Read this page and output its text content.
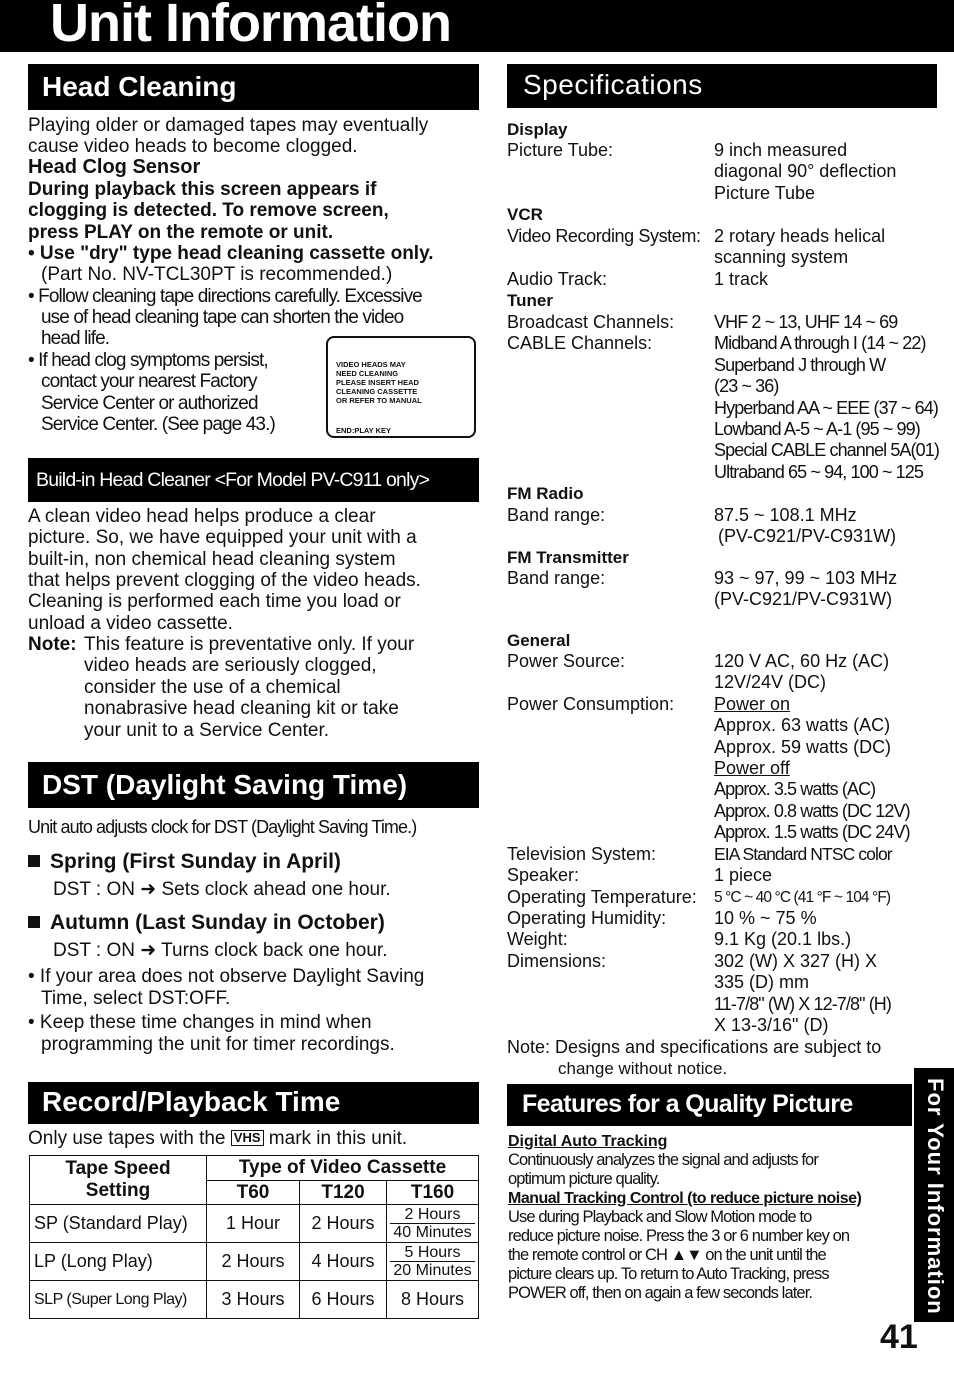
Unit Information
Head Cleaning
Playing older or damaged tapes may eventually
cause video heads to become clogged.
Head Clog Sensor
During playback this screen appears if
clogging is detected. To remove screen,
press PLAY on the remote or unit.
• Use "dry" type head cleaning cassette only.
(Part No. NV-TCL30PT is recommended.)
• Follow cleaning tape directions carefully. Excessive
use of head cleaning tape can shorten the video
head life.
• If head clog symptoms persist,
contact your nearest Factory
Service Center or authorized
Service Center. (See page 43.)
VIDEO HEADS MAY
NEED CLEANING
PLEASE INSERT HEAD
CLEANING CASSETTE
OR REFER TO MANUAL
END:PLAY KEY
Build-in Head Cleaner <For Model PV-C911 only>
A clean video head helps produce a clear
picture. So, we have equipped your unit with a
built-in, non chemical head cleaning system
that helps prevent clogging of the video heads.
Cleaning is performed each time you load or
unload a video cassette.
Note: This feature is preventative only. If your
video heads are seriously clogged,
consider the use of a chemical
nonabrasive head cleaning kit or take
your unit to a Service Center.
DST (Daylight Saving Time)
Unit auto adjusts clock for DST (Daylight Saving Time.)
Spring (First Sunday in April)
DST : ON ➜ Sets clock ahead one hour.
Autumn (Last Sunday in October)
DST : ON ➜ Turns clock back one hour.
• If your area does not observe Daylight Saving
Time, select DST:OFF.
• Keep these time changes in mind when
programming the unit for timer recordings.
Record/Playback Time
Only use tapes with the VHS mark in this unit.
Tape Speed
Setting	Type of Video Cassette		
	T60	T120	T160
SP (Standard Play)	1 Hour	2 Hours	2 Hours
40 Minutes

LP (Long Play)	2 Hours	4 Hours	5 Hours
20 Minutes

SLP (Super Long Play)	3 Hours	6 Hours	8 Hours
Specifications
Display
Picture Tube:	9 inch measured
diagonal 90° deflection
Picture Tube
VCR
Video Recording System: 2 rotary heads helical
scanning system
Audio Track:	1 track
Tuner
Broadcast Channels: VHF 2 ~ 13, UHF 14 ~ 69
CABLE Channels:	Midband A through I (14 ~ 22)
Superband J through W
(23 ~ 36)
Hyperband AA ~ EEE (37 ~ 64)
Lowband A-5 ~ A-1 (95 ~ 99)
Special CABLE channel 5A(01)
Ultraband 65 ~ 94, 100 ~ 125
FM Radio
Band range:	87.5 ~ 108.1 MHz
(PV-C921/PV-C931W)
FM Transmitter
Band range:	93 ~ 97, 99 ~ 103 MHz
(PV-C921/PV-C931W)
General
Power Source:	120 V AC, 60 Hz (AC)
12V/24V (DC)
Power Consumption: Power on
Approx. 63 watts (AC)
Approx. 59 watts (DC)
Power off
Approx. 3.5 watts (AC)
Approx. 0.8 watts (DC 12V)
Approx. 1.5 watts (DC 24V)
Television System:	EIA Standard NTSC color
Speaker:	1 piece
Operating Temperature: 5 °C ~ 40 °C (41 °F ~ 104 °F)
Operating Humidity:	10 % ~ 75 %
Weight:	9.1 Kg (20.1 lbs.)
Dimensions:	302 (W) X 327 (H) X
335 (D) mm
11-7/8" (W) X 12-7/8" (H)
X 13-3/16" (D)
Note: Designs and specifications are subject to
change without notice.
Features for a Quality Picture
Digital Auto Tracking
Continuously analyzes the signal and adjusts for
optimum picture quality.
Manual Tracking Control (to reduce picture noise)
Use during Playback and Slow Motion mode to
reduce picture noise. Press the 3 or 6 number key on
the remote control or CH ▲▼ on the unit until the
picture clears up. To return to Auto Tracking, press
POWER off, then on again a few seconds later.	For Your Information
41
